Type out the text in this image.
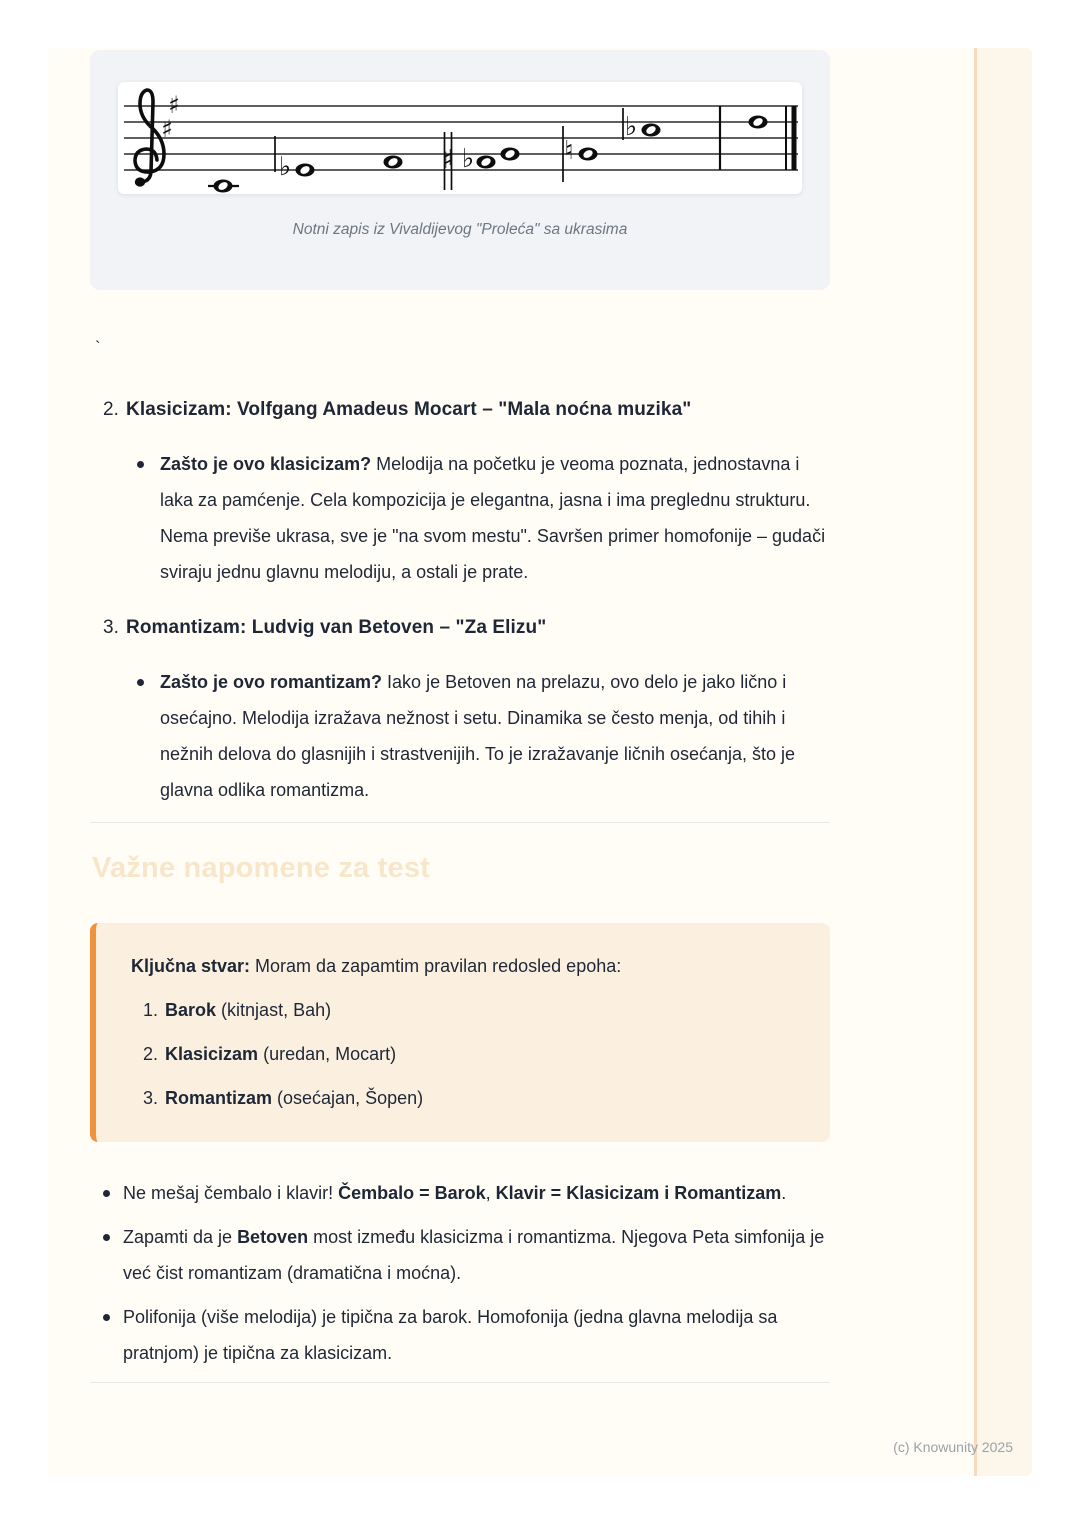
♯
♯
♭	♯ ♭	♮
♭
Notni zapis iz Vivaldijevog "Proleća" sa ukrasima
`
2. Klasicizam: Volfgang Amadeus Mocart – "Mala noćna muzika"
Zašto je ovo klasicizam? Melodija na početku je veoma poznata, jednostavna i laka za pamćenje. Cela kompozicija je elegantna, jasna i ima preglednu strukturu. Nema previše ukrasa, sve je "na svom mestu". Savršen primer homofonije – gudači sviraju jednu glavnu melodiju, a ostali je prate.
3. Romantizam: Ludvig van Betoven – "Za Elizu"
Zašto je ovo romantizam? Iako je Betoven na prelazu, ovo delo je jako lično i osećajno. Melodija izražava nežnost i setu. Dinamika se često menja, od tihih i nežnih delova do glasnijih i strastvenijih. To je izražavanje ličnih osećanja, što je glavna odlika romantizma.
Važne napomene za test

Ključna stvar: Moram da zapamtim pravilan redosled epoha:

1. Barok (kitnjast, Bah)
2. Klasicizam (uredan, Mocart)
3. Romantizam (osećajan, Šopen)
Ne mešaj čembalo i klavir! Čembalo = Barok, Klavir = Klasicizam i Romantizam.
Zapamti da je Betoven most između klasicizma i romantizma. Njegova Peta simfonija je već čist romantizam (dramatična i moćna).
Polifonija (više melodija) je tipična za barok. Homofonija (jedna glavna melodija sa pratnjom) je tipična za klasicizam.
(c) Knowunity 2025
